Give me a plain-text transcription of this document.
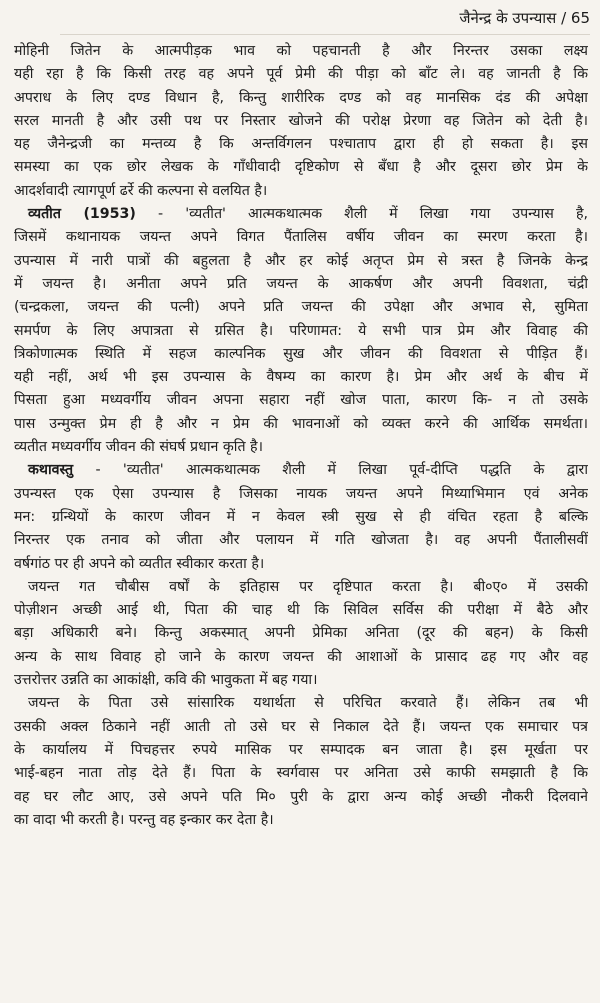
जैनेन्द्र के उपन्यास / 65
मोहिनी जितेन के आत्मपीड़क भाव को पहचानती है और निरन्तर उसका लक्ष्य
यही रहा है कि किसी तरह वह अपने पूर्व प्रेमी की पीड़ा को बाँट ले। वह जानती है कि
अपराध के लिए दण्ड विधान है, किन्तु शारीरिक दण्ड को वह मानसिक दंड की अपेक्षा
सरल मानती है और उसी पथ पर निस्तार खोजने की परोक्ष प्रेरणा वह जितेन को देती है।
यह जैनेन्द्रजी का मन्तव्य है कि अन्तर्विगलन पश्चाताप द्वारा ही हो सकता है। इस
समस्या का एक छोर लेखक के गाँधीवादी दृष्टिकोण से बँधा है और दूसरा छोर प्रेम के
आदर्शवादी त्यागपूर्ण ढर्रे की कल्पना से वलयित है।
व्यतीत (1953) - 'व्यतीत' आत्मकथात्मक शैली में लिखा गया उपन्यास है,
जिसमें कथानायक जयन्त अपने विगत पैंतालिस वर्षीय जीवन का स्मरण करता है।
उपन्यास में नारी पात्रों की बहुलता है और हर कोई अतृप्त प्रेम से त्रस्त है जिनके केन्द्र
में जयन्त है। अनीता अपने प्रति जयन्त के आकर्षण और अपनी विवशता, चंद्री
(चन्द्रकला, जयन्त की पत्नी) अपने प्रति जयन्त की उपेक्षा और अभाव से, सुमिता
समर्पण के लिए अपात्रता से ग्रसित है। परिणामत: ये सभी पात्र प्रेम और विवाह की
त्रिकोणात्मक स्थिति में सहज काल्पनिक सुख और जीवन की विवशता से पीड़ित हैं।
यही नहीं, अर्थ भी इस उपन्यास के वैषम्य का कारण है। प्रेम और अर्थ के बीच में
पिसता हुआ मध्यवर्गीय जीवन अपना सहारा नहीं खोज पाता, कारण कि- न तो उसके
पास उन्मुक्त प्रेम ही है और न प्रेम की भावनाओं को व्यक्त करने की आर्थिक समर्थता।
व्यतीत मध्यवर्गीय जीवन की संघर्ष प्रधान कृति है।
कथावस्तु - 'व्यतीत' आत्मकथात्मक शैली में लिखा पूर्व-दीप्ति पद्धति के द्वारा
उपन्यस्त एक ऐसा उपन्यास है जिसका नायक जयन्त अपने मिथ्याभिमान एवं अनेक
मन: ग्रन्थियों के कारण जीवन में न केवल स्त्री सुख से ही वंचित रहता है बल्कि
निरन्तर एक तनाव को जीता और पलायन में गति खोजता है। वह अपनी पैंतालीसवीं
वर्षगांठ पर ही अपने को व्यतीत स्वीकार करता है।
जयन्त गत चौबीस वर्षों के इतिहास पर दृष्टिपात करता है। बी०ए० में उसकी
पोज़ीशन अच्छी आई थी, पिता की चाह थी कि सिविल सर्विस की परीक्षा में बैठे और
बड़ा अधिकारी बने। किन्तु अकस्मात् अपनी प्रेमिका अनिता (दूर की बहन) के किसी
अन्य के साथ विवाह हो जाने के कारण जयन्त की आशाओं के प्रासाद ढह गए और वह
उत्तरोत्तर उन्नति का आकांक्षी, कवि की भावुकता में बह गया।
जयन्त के पिता उसे सांसारिक यथार्थता से परिचित करवाते हैं। लेकिन तब भी
उसकी अक्ल ठिकाने नहीं आती तो उसे घर से निकाल देते हैं। जयन्त एक समाचार पत्र
के कार्यालय में पिचहत्तर रुपये मासिक पर सम्पादक बन जाता है। इस मूर्खता पर
भाई-बहन नाता तोड़ देते हैं। पिता के स्वर्गवास पर अनिता उसे काफी समझाती है कि
वह घर लौट आए, उसे अपने पति मि० पुरी के द्वारा अन्य कोई अच्छी नौकरी दिलवाने
का वादा भी करती है। परन्तु वह इन्कार कर देता है।
